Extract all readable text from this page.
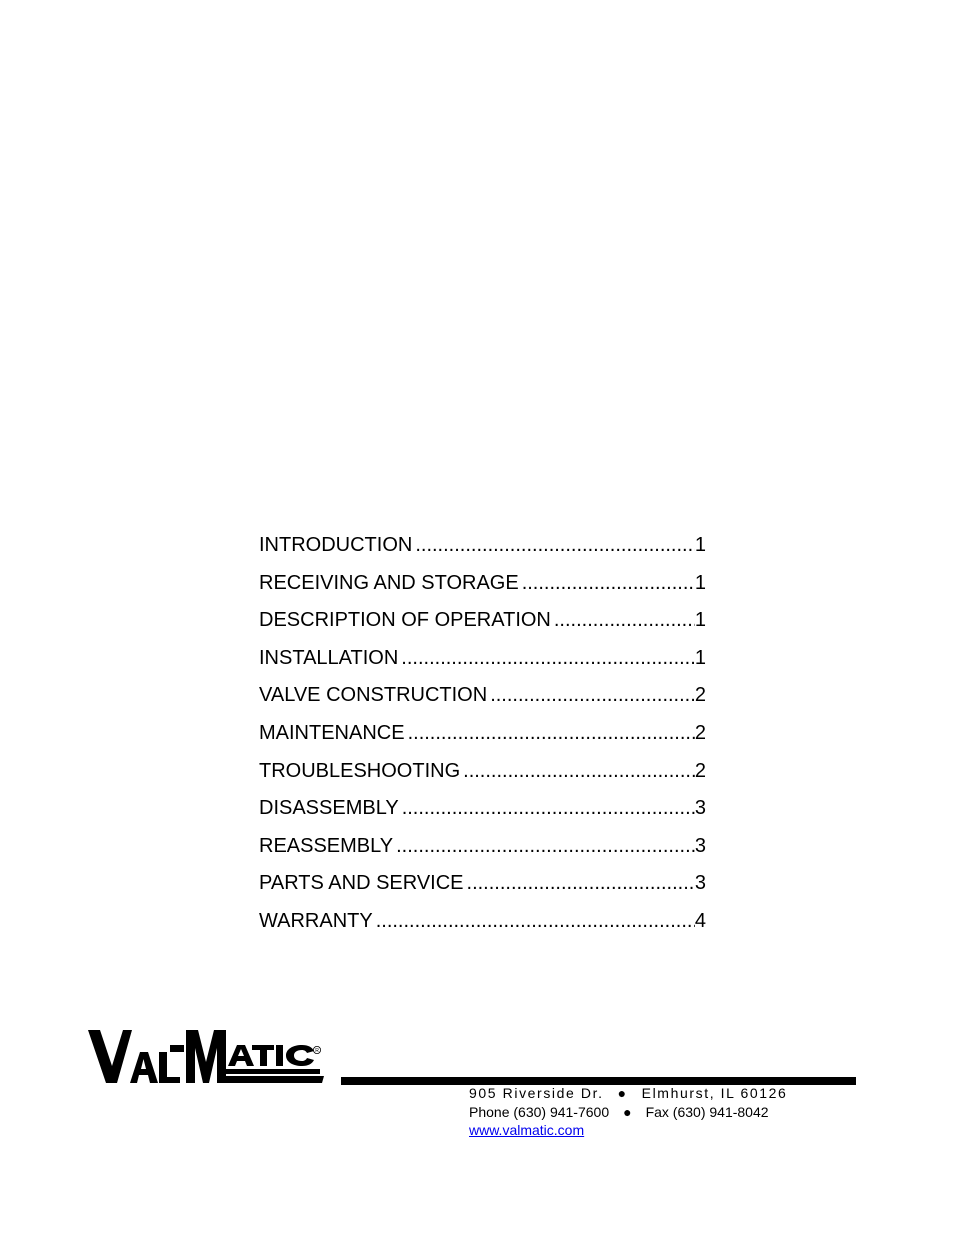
INTRODUCTION .....	1
RECEIVING AND STORAGE .....	1
DESCRIPTION OF OPERATION .....	1
INSTALLATION .....	1
VALVE CONSTRUCTION .....	2
MAINTENANCE .....	2
TROUBLESHOOTING .....	2
DISASSEMBLY .....	3
REASSEMBLY .....	3
PARTS AND SERVICE .....	3
WARRANTY .....	4
R
905 Riverside Dr. ● Elmhurst, IL 60126
Phone (630) 941-7600 ● Fax (630) 941-8042
www.valmatic.com
